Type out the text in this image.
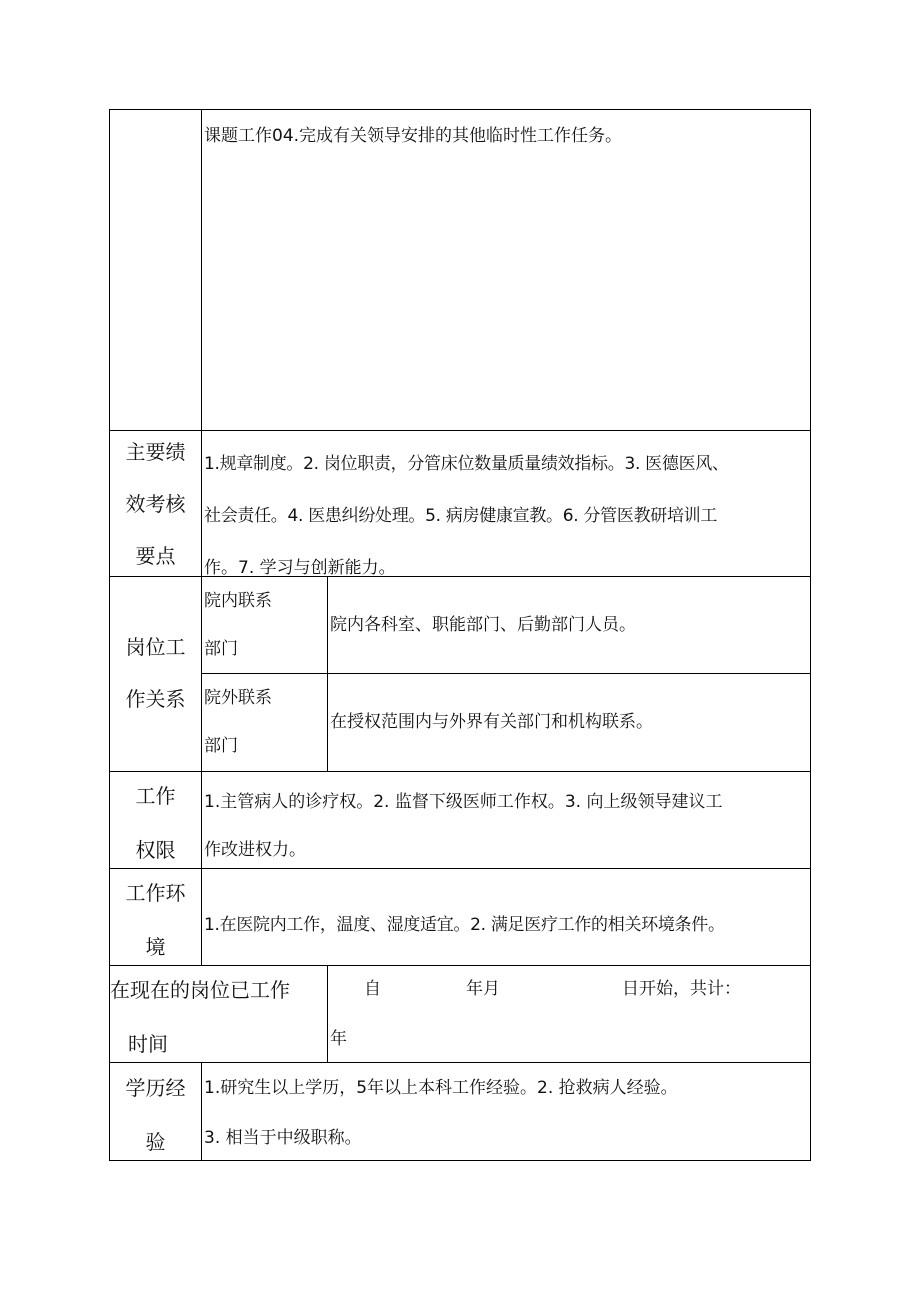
课题工作04.完成有关领导安排的其他临时性工作任务。
主要绩
效考核
要点
1.规章制度。2. 岗位职责，分管床位数量质量绩效指标。3. 医德医风、
社会责任。4. 医患纠纷处理。5. 病房健康宣教。6. 分管医教研培训工
作。7. 学习与创新能力。
岗位工
作关系
院内联系
部门
院内各科室、职能部门、后勤部门人员。
院外联系
部门
在授权范围内与外界有关部门和机构联系。
工作
权限
1.主管病人的诊疗权。2. 监督下级医师工作权。3. 向上级领导建议工
作改进权力。
工作环
境
1.在医院内工作，温度、湿度适宜。2. 满足医疗工作的相关环境条件。
在现在的岗位已工作
时间
自	年月	日开始，共计：
年
学历经
验
1.研究生以上学历，5年以上本科工作经验。2. 抢救病人经验。
3. 相当于中级职称。
